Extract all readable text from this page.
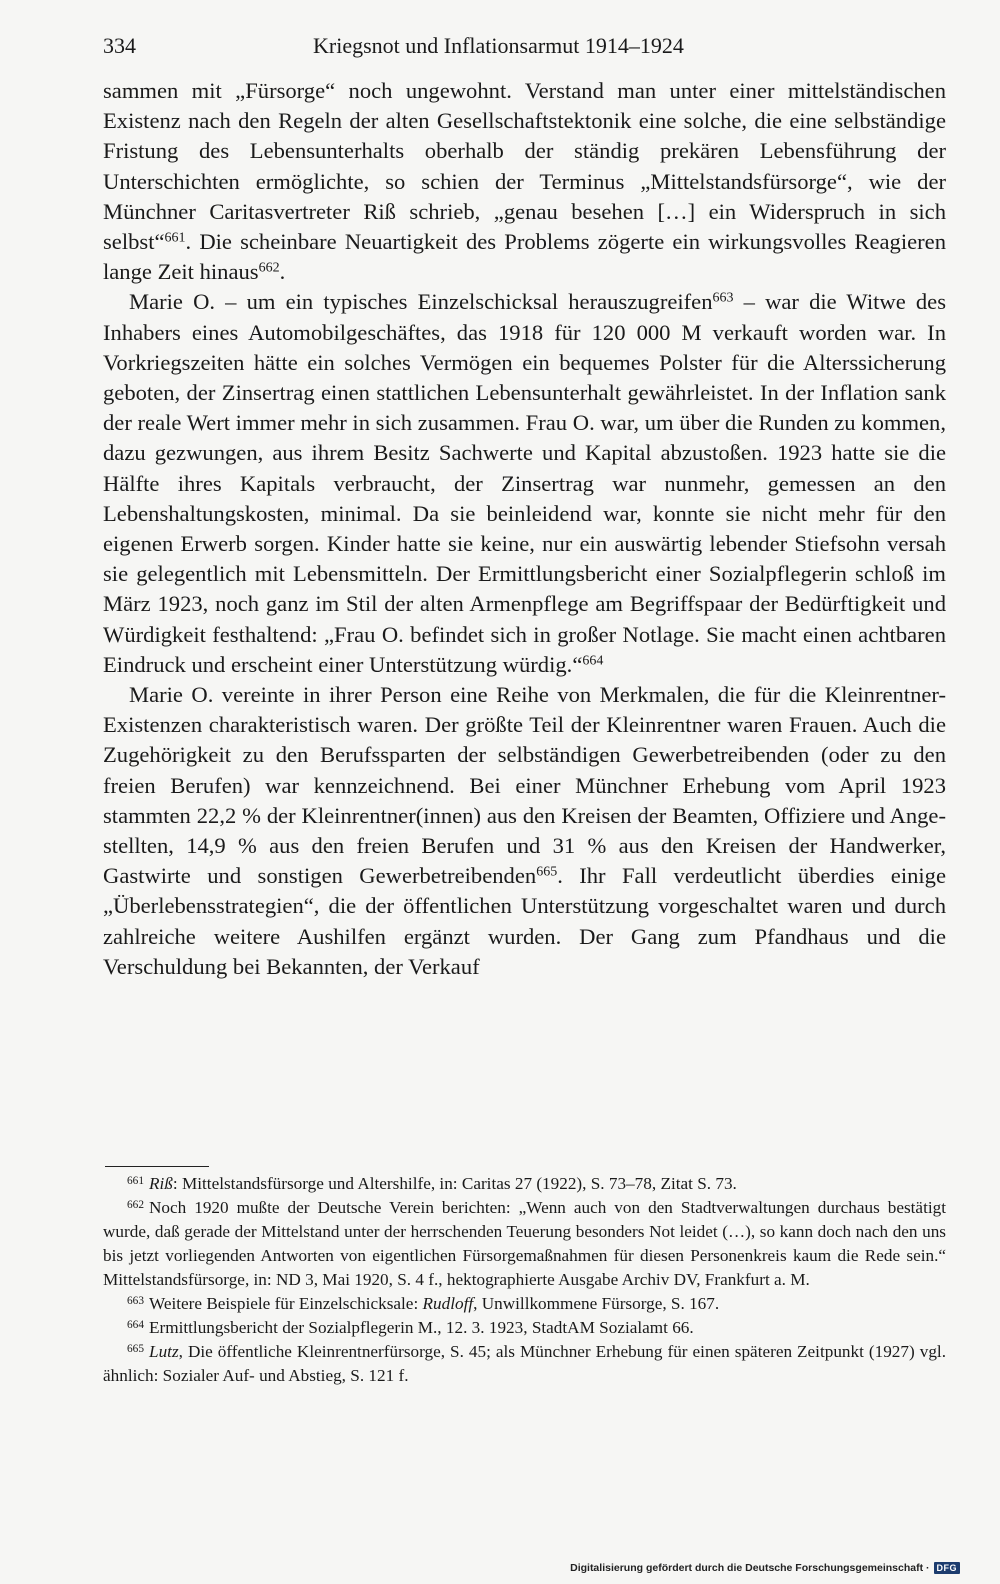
334	Kriegsnot und Inflationsarmut 1914–1924

sammen mit „Fürsorge“ noch ungewohnt. Verstand man unter einer mittelständischen Existenz nach den Regeln der alten Gesellschaftstektonik eine solche, die eine selbständige Fristung des Lebensunterhalts oberhalb der ständig prekären Lebensführung der Unterschichten ermöglichte, so schien der Terminus „Mittelstandsfürsorge“, wie der Münchner Caritasvertreter Riß schrieb, „genau besehen […] ein Widerspruch in sich selbst“$^{661}$. Die scheinbare Neuartigkeit des Problems zögerte ein wirkungsvolles Reagieren lange Zeit hinaus$^{662}$.

Marie O. – um ein typisches Einzelschicksal herauszugreifen$^{663}$ – war die Witwe des Inhabers eines Automobilgeschäftes, das 1918 für 120 000 M verkauft worden war. In Vorkriegszeiten hätte ein solches Vermögen ein bequemes Polster für die Alterssicherung geboten, der Zinsertrag einen stattlichen Lebensunterhalt gewährleistet. In der Inflation sank der reale Wert immer mehr in sich zusammen. Frau O. war, um über die Runden zu kommen, dazu gezwungen, aus ihrem Besitz Sachwerte und Kapital abzustoßen. 1923 hatte sie die Hälfte ihres Kapitals verbraucht, der Zinsertrag war nunmehr, gemessen an den Lebenshaltungskosten, minimal. Da sie beinleidend war, konnte sie nicht mehr für den eigenen Erwerb sorgen. Kinder hatte sie keine, nur ein auswärtig lebender Stiefsohn versah sie gelegentlich mit Lebensmitteln. Der Ermittlungsbericht einer Sozialpflegerin schloß im März 1923, noch ganz im Stil der alten Armenpflege am Begriffspaar der Bedürftigkeit und Würdigkeit festhaltend: „Frau O. befindet sich in großer Notlage. Sie macht einen achtbaren Eindruck und erscheint einer Unterstützung würdig.“$^{664}$

Marie O. vereinte in ihrer Person eine Reihe von Merkmalen, die für die Kleinrentner-Existenzen charakteristisch waren. Der größte Teil der Kleinrentner waren Frauen. Auch die Zugehörigkeit zu den Berufssparten der selbständigen Gewerbetreibenden (oder zu den freien Berufen) war kennzeichnend. Bei einer Münchner Erhebung vom April 1923 stammten 22,2 % der Kleinrentner(innen) aus den Kreisen der Beamten, Offiziere und Angestellten, 14,9 % aus den freien Berufen und 31 % aus den Kreisen der Handwerker, Gastwirte und sonstigen Gewerbetreibenden$^{665}$. Ihr Fall verdeutlicht überdies einige „Überlebensstrategien“, die der öffentlichen Unterstützung vorgeschaltet waren und durch zahlreiche weitere Aushilfen ergänzt wurden. Der Gang zum Pfandhaus und die Verschuldung bei Bekannten, der Verkauf

$^{661}$ Riß: Mittelstandsfürsorge und Altershilfe, in: Caritas 27 (1922), S. 73–78, Zitat S. 73.

$^{662}$ Noch 1920 mußte der Deutsche Verein berichten: „Wenn auch von den Stadtverwaltungen durchaus bestätigt wurde, daß gerade der Mittelstand unter der herrschenden Teuerung besonders Not leidet (…), so kann doch nach den uns bis jetzt vorliegenden Antworten von eigentlichen Fürsorgemaßnahmen für diesen Personenkreis kaum die Rede sein.“ Mittelstandsfürsorge, in: ND 3, Mai 1920, S. 4 f., hektographierte Ausgabe Archiv DV, Frankfurt a. M.

$^{663}$ Weitere Beispiele für Einzelschicksale: Rudloff, Unwillkommene Fürsorge, S. 167.

$^{664}$ Ermittlungsbericht der Sozialpflegerin M., 12. 3. 1923, StadtAM Sozialamt 66.

$^{665}$ Lutz, Die öffentliche Kleinrentnerfürsorge, S. 45; als Münchner Erhebung für einen späteren Zeitpunkt (1927) vgl. ähnlich: Sozialer Auf- und Abstieg, S. 121 f.

Digitalisierung gefördert durch die Deutsche Forschungsgemeinschaft · DFG
